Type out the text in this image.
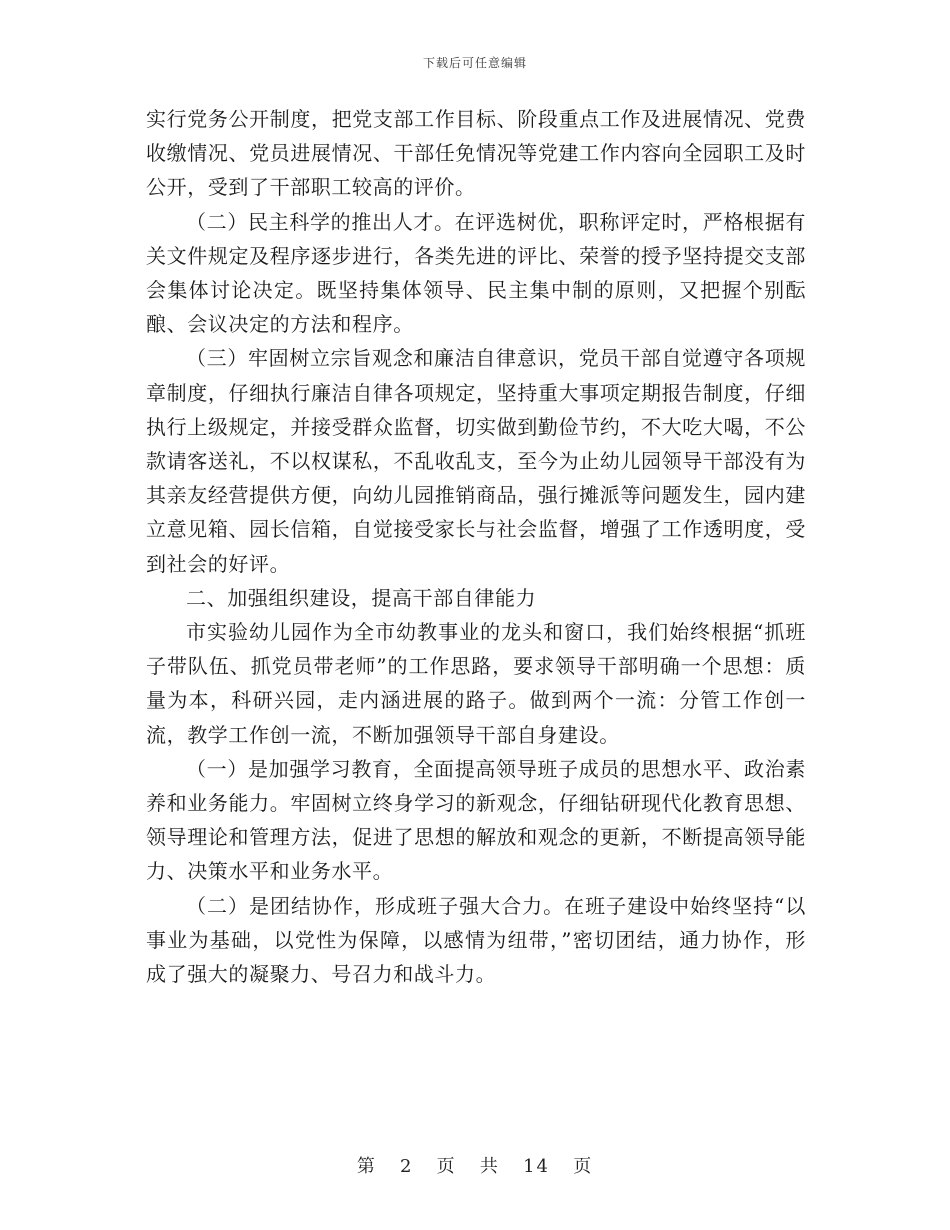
下载后可任意编辑

实行党务公开制度，把党支部工作目标、阶段重点工作及进展情况、党费收缴情况、党员进展情况、干部任免情况等党建工作内容向全园职工及时公开，受到了干部职工较高的评价。

（二）民主科学的推出人才。在评选树优，职称评定时，严格根据有关文件规定及程序逐步进行，各类先进的评比、荣誉的授予坚持提交支部会集体讨论决定。既坚持集体领导、民主集中制的原则，又把握个别酝酿、会议决定的方法和程序。

（三）牢固树立宗旨观念和廉洁自律意识，党员干部自觉遵守各项规章制度，仔细执行廉洁自律各项规定，坚持重大事项定期报告制度，仔细执行上级规定，并接受群众监督，切实做到勤俭节约，不大吃大喝，不公款请客送礼，不以权谋私，不乱收乱支，至今为止幼儿园领导干部没有为其亲友经营提供方便，向幼儿园推销商品，强行摊派等问题发生，园内建立意见箱、园长信箱，自觉接受家长与社会监督，增强了工作透明度，受到社会的好评。

二、加强组织建设，提高干部自律能力

市实验幼儿园作为全市幼教事业的龙头和窗口，我们始终根据“抓班子带队伍、抓党员带老师”的工作思路，要求领导干部明确一个思想：质量为本，科研兴园，走内涵进展的路子。做到两个一流：分管工作创一流，教学工作创一流，不断加强领导干部自身建设。

（一）是加强学习教育，全面提高领导班子成员的思想水平、政治素养和业务能力。牢固树立终身学习的新观念，仔细钻研现代化教育思想、领导理论和管理方法，促进了思想的解放和观念的更新，不断提高领导能力、决策水平和业务水平。

（二）是团结协作，形成班子强大合力。在班子建设中始终坚持“以事业为基础，以党性为保障，以感情为纽带，”密切团结，通力协作，形成了强大的凝聚力、号召力和战斗力。

第 2 页 共 14 页
